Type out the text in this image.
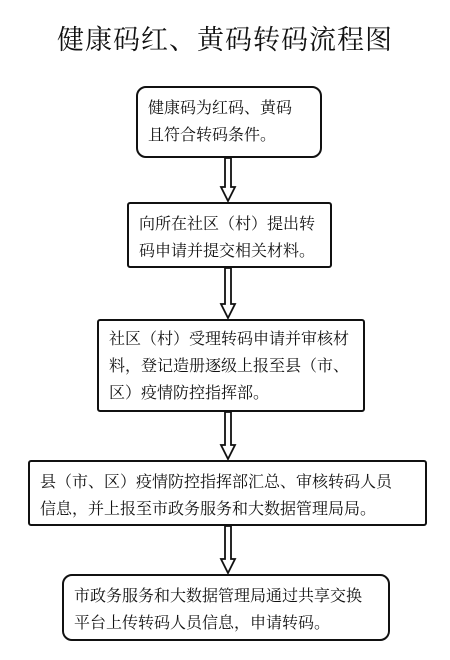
健康码红、黄码转码流程图

健康码为红码、黄码

且符合转码条件。

向所在社区（村）提出转

码申请并提交相关材料。

社区（村）受理转码申请并审核材

料，登记造册逐级上报至县（市、

区）疫情防控指挥部。

县（市、区）疫情防控指挥部汇总、审核转码人员

信息，并上报至市政务服务和大数据管理局局。

市政务服务和大数据管理局通过共享交换

平台上传转码人员信息，申请转码。
